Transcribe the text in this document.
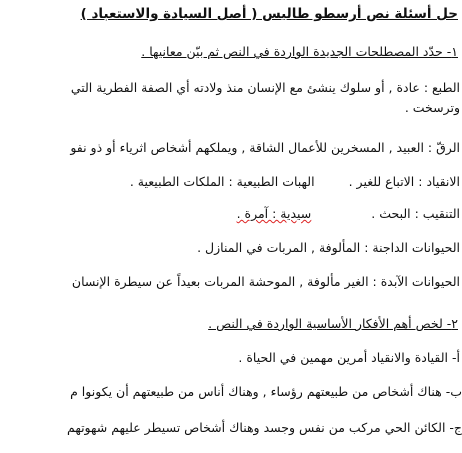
حل أسئلة نص أرسطو طاليس ( أصل السيادة والاستعباد )
١- حدّد المصطلحات الجديدة الواردة في النص ثم بيّن معانيها .
الطبع : عادة , أو سلوك ينشئ مع الإنسان منذ ولادته أي الصفة الفطرية التي
وترسخت .
الرقّ : العبيد , المسخرين للأعمال الشاقة , ويملكهم أشخاص اثرياء أو ذو نفو
الانقياد : الاتباع للغير .الهبات الطبيعية : الملكات الطبيعية .
التنقيب : البحث .سيدية : آمرة .
الحيوانات الداجنة : المألوفة , المربات في المنازل .
الحيوانات الآبدة : الغير مألوفة , الموحشة المربات بعيداً عن سيطرة الإنسان
٢- لخص أهم الأفكار الأساسية الواردة في النص .
أ- القيادة والانقياد أمرين مهمين في الحياة .
ب- هناك أشخاص من طبيعتهم رؤساء , وهناك أناس من طبيعتهم أن يكونوا م
ج- الكائن الحي مركب من نفس وجسد وهناك أشخاص تسيطر عليهم شهوتهم
